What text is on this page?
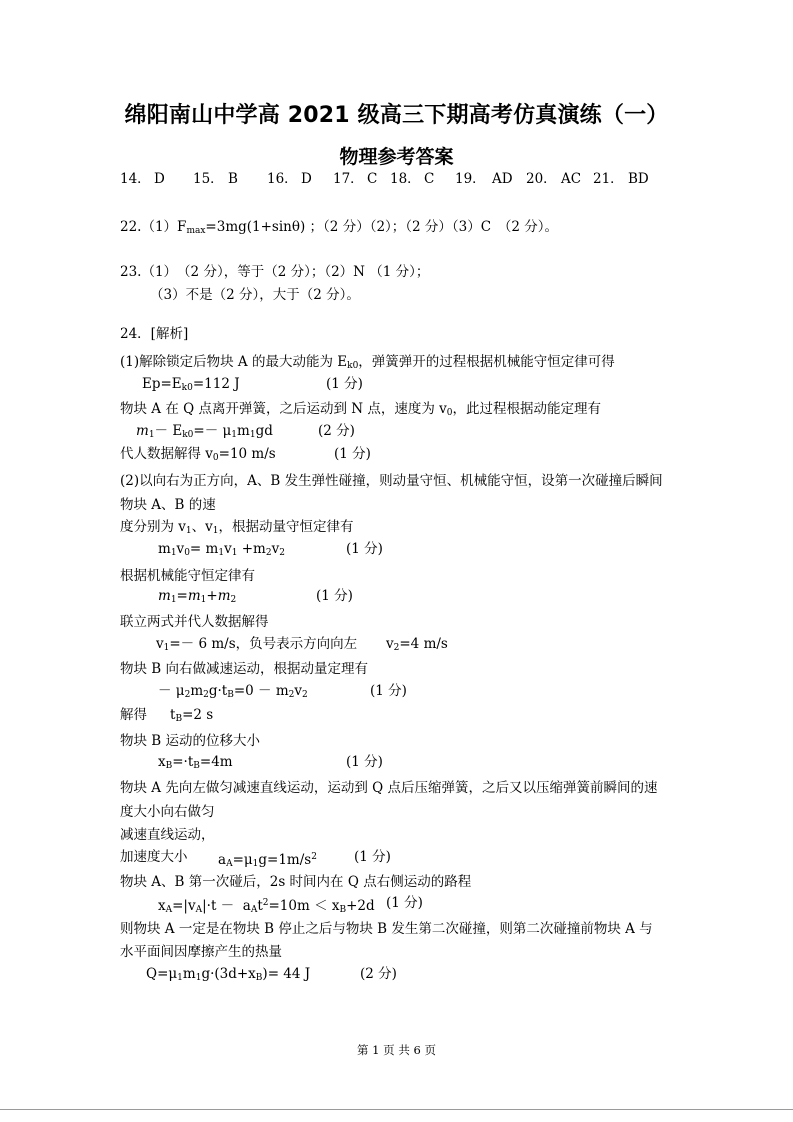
绵阳南山中学高 2021 级高三下期高考仿真演练（一）
物理参考答案
14． D 15． B 16． D 17． C 18． C 19． AD 20． AC 21． BD
$22.(1)F_{max}=3mg(1+\sin\theta)$ ；（2 分）（2）；（2 分）（3）C　（2 分）。
23.（1）　（2 分），等于（2 分）；（2）N （1 分）；
（3）不是（2 分），大于（2 分）。
24．[解析]
(1)解除锁定后物块 A 的最大动能为 $E_{k0}$，弹簧弹开的过程根据机械能守恒定律可得
$Ep=E_{k0}=112$ J	(1 分)
物块 A 在 Q 点离开弹簧，之后运动到 N 点，速度为 $v_0$，此过程根据动能定理有
$m_1- E_{k0}=- \mu_1m_1gd$	(2 分)
代人数据解得 $v_0=10$ m/s	(1 分)
(2)以向右为正方向，A、B 发生弹性碰撞，则动量守恒、机械能守恒，设第一次碰撞后瞬间
物块 A、B 的速
度分别为 $v_1$、$v_1$，根据动量守恒定律有
$m_1v_0= m_1v_1 +m_2v_2$	(1 分)
根据机械能守恒定律有
$m_1=m_1+m_2$	(1 分)
联立两式并代人数据解得
$v_1=- 6$ m/s，负号表示方向向左 $v_2=4$ m/s
物块 B 向右做减速运动，根据动量定理有
－ $\mu_2m_2g\cdot t_B=0 - m_2v_2$	(1 分)
解得 $t_B=2$ s
物块 B 运动的位移大小
$x_B=\cdot t_B=4m$	(1 分)
物块 A 先向左做匀减速直线运动，运动到 Q 点后压缩弹簧，之后又以压缩弹簧前瞬间的速
度大小向右做匀
减速直线运动，
加速度大小 $a_A=\mu_1g=1m/s^2$	(1 分)
物块 A、B 第一次碰后，2s 时间内在 Q 点右侧运动的路程
$x_A=|v_A|\cdot t - a_At^2=10m < x_B+2d$ (1 分)
则物块 A 一定是在物块 B 停止之后与物块 B 发生第二次碰撞，则第二次碰撞前物块 A 与
水平面间因摩擦产生的热量
$Q=\mu_1m_1g\cdot(3d+x_B)= 44$ J	(2 分)
第 1 页 共 6 页
